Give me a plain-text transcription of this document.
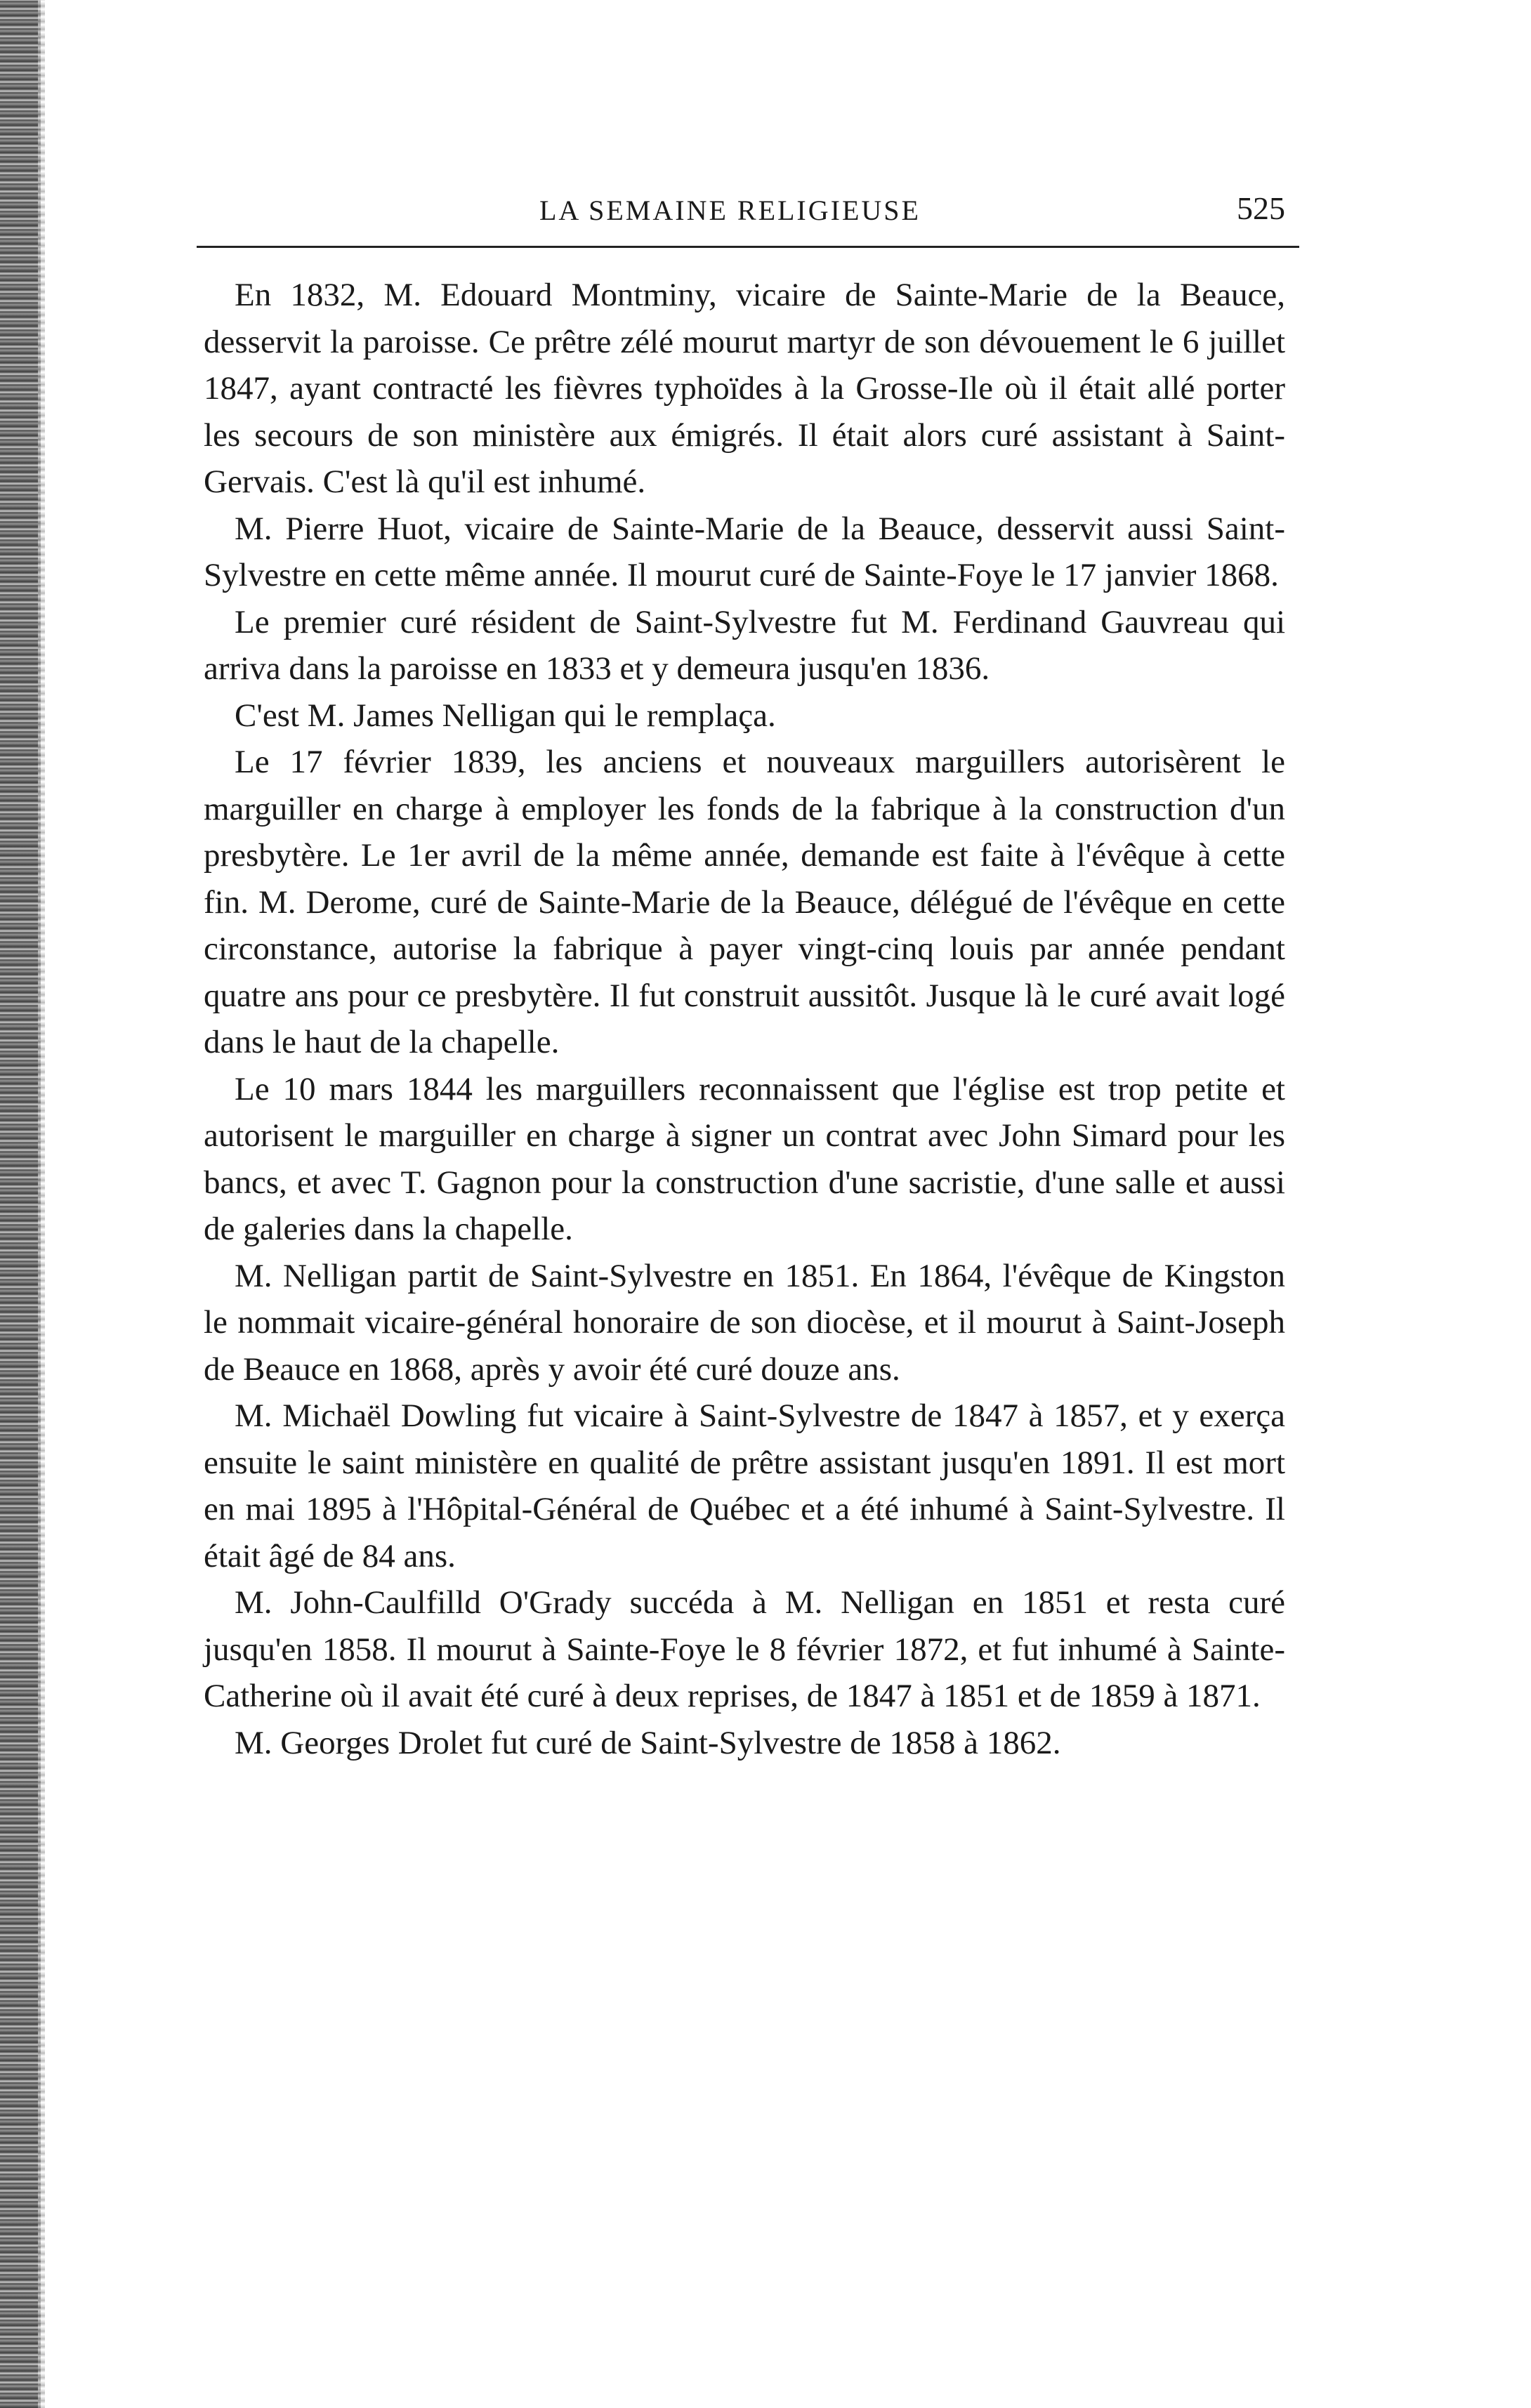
LA SEMAINE RELIGIEUSE	525

En 1832, M. Edouard Montminy, vicaire de Sainte-Marie de la Beauce, desservit la paroisse. Ce prêtre zélé mourut martyr de son dévouement le 6 juillet 1847, ayant contracté les fièvres typhoïdes à la Grosse-Ile où il était allé porter les secours de son ministère aux émigrés. Il était alors curé assistant à Saint-Gervais. C'est là qu'il est inhumé.

M. Pierre Huot, vicaire de Sainte-Marie de la Beauce, desservit aussi Saint-Sylvestre en cette même année. Il mourut curé de Sainte-Foye le 17 janvier 1868.

Le premier curé résident de Saint-Sylvestre fut M. Ferdinand Gauvreau qui arriva dans la paroisse en 1833 et y demeura jusqu'en 1836.

C'est M. James Nelligan qui le remplaça.

Le 17 février 1839, les anciens et nouveaux marguillers autorisèrent le marguiller en charge à employer les fonds de la fabrique à la construction d'un presbytère. Le 1er avril de la même année, demande est faite à l'évêque à cette fin. M. Derome, curé de Sainte-Marie de la Beauce, délégué de l'évêque en cette circonstance, autorise la fabrique à payer vingt-cinq louis par année pendant quatre ans pour ce presbytère. Il fut construit aussitôt. Jusque là le curé avait logé dans le haut de la chapelle.

Le 10 mars 1844 les marguillers reconnaissent que l'église est trop petite et autorisent le marguiller en charge à signer un contrat avec John Simard pour les bancs, et avec T. Gagnon pour la construction d'une sacristie, d'une salle et aussi de galeries dans la chapelle.

M. Nelligan partit de Saint-Sylvestre en 1851. En 1864, l'évêque de Kingston le nommait vicaire-général honoraire de son diocèse, et il mourut à Saint-Joseph de Beauce en 1868, après y avoir été curé douze ans.

M. Michaël Dowling fut vicaire à Saint-Sylvestre de 1847 à 1857, et y exerça ensuite le saint ministère en qualité de prêtre assistant jusqu'en 1891. Il est mort en mai 1895 à l'Hôpital-Général de Québec et a été inhumé à Saint-Sylvestre. Il était âgé de 84 ans.

M. John-Caulfilld O'Grady succéda à M. Nelligan en 1851 et resta curé jusqu'en 1858. Il mourut à Sainte-Foye le 8 février 1872, et fut inhumé à Sainte-Catherine où il avait été curé à deux reprises, de 1847 à 1851 et de 1859 à 1871.

M. Georges Drolet fut curé de Saint-Sylvestre de 1858 à 1862.
